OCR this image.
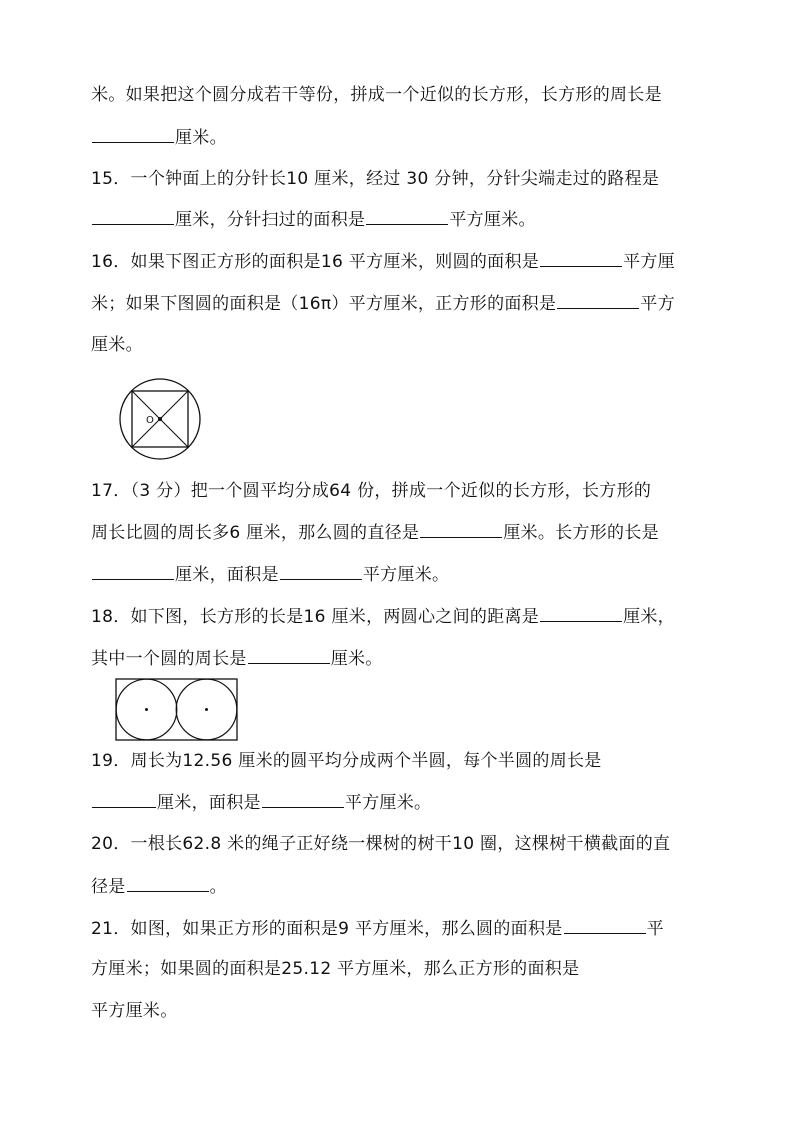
米。如果把这个圆分成若干等份，拼成一个近似的长方形，长方形的周长是
厘米。
15．一个钟面上的分针长10 厘米，经过 30 分钟，分针尖端走过的路程是
厘米，分针扫过的面积是	平方厘米。
16．如果下图正方形的面积是16 平方厘米，则圆的面积是	平方厘
米；如果下图圆的面积是（16π）平方厘米，正方形的面积是	平方
厘米。
O
17．（3 分）把一个圆平均分成64 份，拼成一个近似的长方形，长方形的
周长比圆的周长多6 厘米，那么圆的直径是	厘米。长方形的长是
厘米，面积是	平方厘米。
18．如下图，长方形的长是16 厘米，两圆心之间的距离是	厘米，
其中一个圆的周长是	厘米。
19．周长为12.56 厘米的圆平均分成两个半圆，每个半圆的周长是
厘米，面积是	平方厘米。
20．一根长62.8 米的绳子正好绕一棵树的树干10 圈，这棵树干横截面的直
径是	。
21．如图，如果正方形的面积是9 平方厘米，那么圆的面积是	平
方厘米；如果圆的面积是25.12 平方厘米，那么正方形的面积是
平方厘米。
